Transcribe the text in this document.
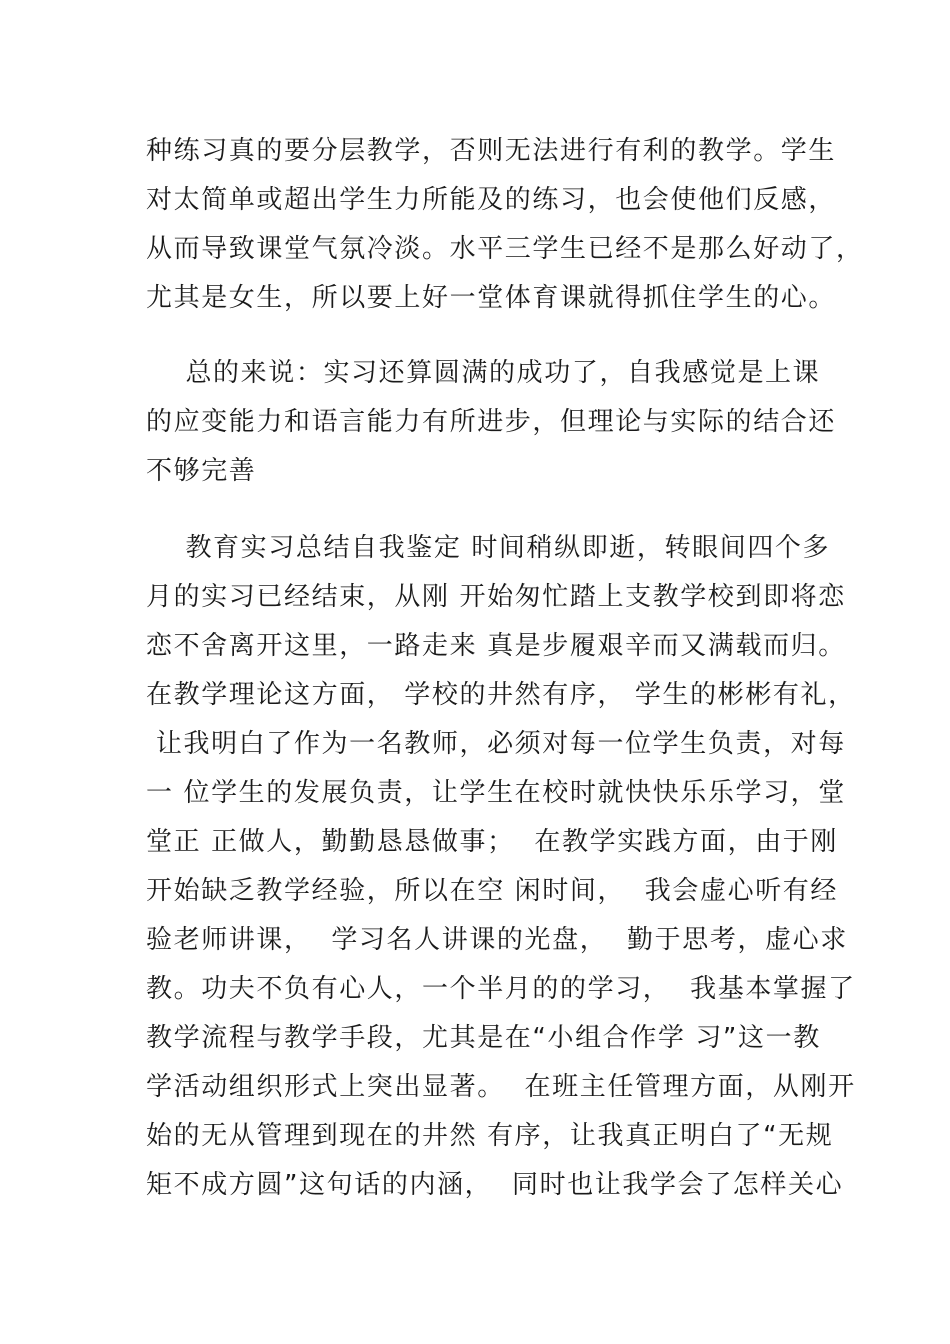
种练习真的要分层教学，否则无法进行有利的教学。学生
对太简单或超出学生力所能及的练习，也会使他们反感，
从而导致课堂气氛冷淡。水平三学生已经不是那么好动了，
尤其是女生，所以要上好一堂体育课就得抓住学生的心。
总的来说：实习还算圆满的成功了，自我感觉是上课
的应变能力和语言能力有所进步，但理论与实际的结合还
不够完善
教育实习总结自我鉴定 时间稍纵即逝，转眼间四个多
月的实习已经结束，从刚 开始匆忙踏上支教学校到即将恋
恋不舍离开这里，一路走来 真是步履艰辛而又满载而归。
在教学理论这方面， 学校的井然有序， 学生的彬彬有礼，
让我明白了作为一名教师，必须对每一位学生负责，对每
一 位学生的发展负责，让学生在校时就快快乐乐学习，堂
堂正 正做人，勤勤恳恳做事；  在教学实践方面，由于刚
开始缺乏教学经验，所以在空 闲时间，  我会虚心听有经
验老师讲课，  学习名人讲课的光盘，  勤于思考，虚心求
教。功夫不负有心人，一个半月的的学习，  我基本掌握了
教学流程与教学手段，尤其是在“小组合作学 习”这一教
学活动组织形式上突出显著。  在班主任管理方面，从刚开
始的无从管理到现在的井然 有序，让我真正明白了“无规
矩不成方圆”这句话的内涵，  同时也让我学会了怎样关心
